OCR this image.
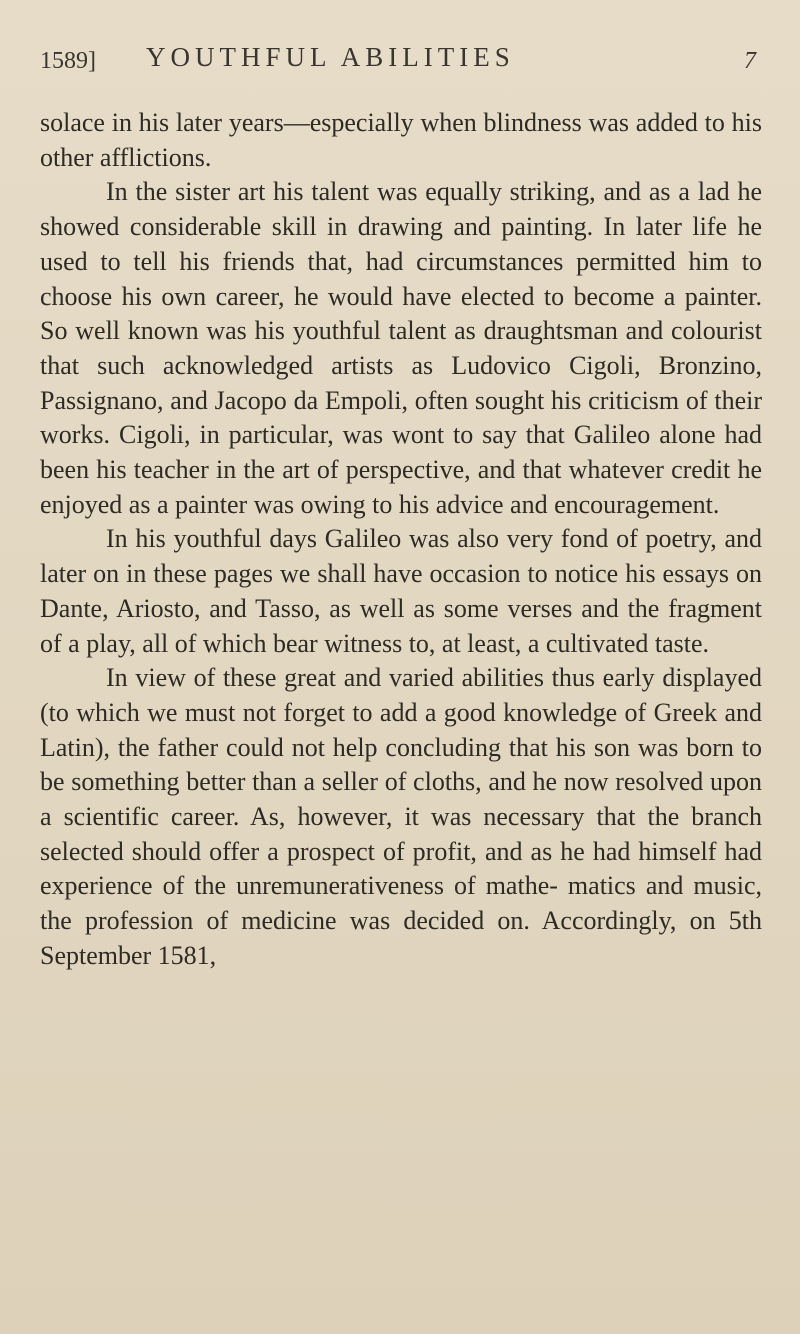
1589] YOUTHFUL ABILITIES	7

solace in his later years—especially when blindness was added to his other afflictions.

In the sister art his talent was equally striking, and as a lad he showed considerable skill in drawing and painting. In later life he used to tell his friends that, had circumstances permitted him to choose his own career, he would have elected to become a painter. So well known was his youthful talent as draughtsman and colourist that such acknowledged artists as Ludovico Cigoli, Bronzino, Passignano, and Jacopo da Empoli, often sought his criticism of their works. Cigoli, in particular, was wont to say that Galileo alone had been his teacher in the art of perspective, and that whatever credit he enjoyed as a painter was owing to his advice and encouragement.

In his youthful days Galileo was also very fond of poetry, and later on in these pages we shall have occasion to notice his essays on Dante, Ariosto, and Tasso, as well as some verses and the fragment of a play, all of which bear witness to, at least, a cultivated taste.

In view of these great and varied abilities thus early displayed (to which we must not forget to add a good knowledge of Greek and Latin), the father could not help concluding that his son was born to be something better than a seller of cloths, and he now resolved upon a scientific career. As, however, it was necessary that the branch selected should offer a prospect of profit, and as he had himself had experience of the unremunerativeness of mathe- matics and music, the profession of medicine was decided on. Accordingly, on 5th September 1581,
